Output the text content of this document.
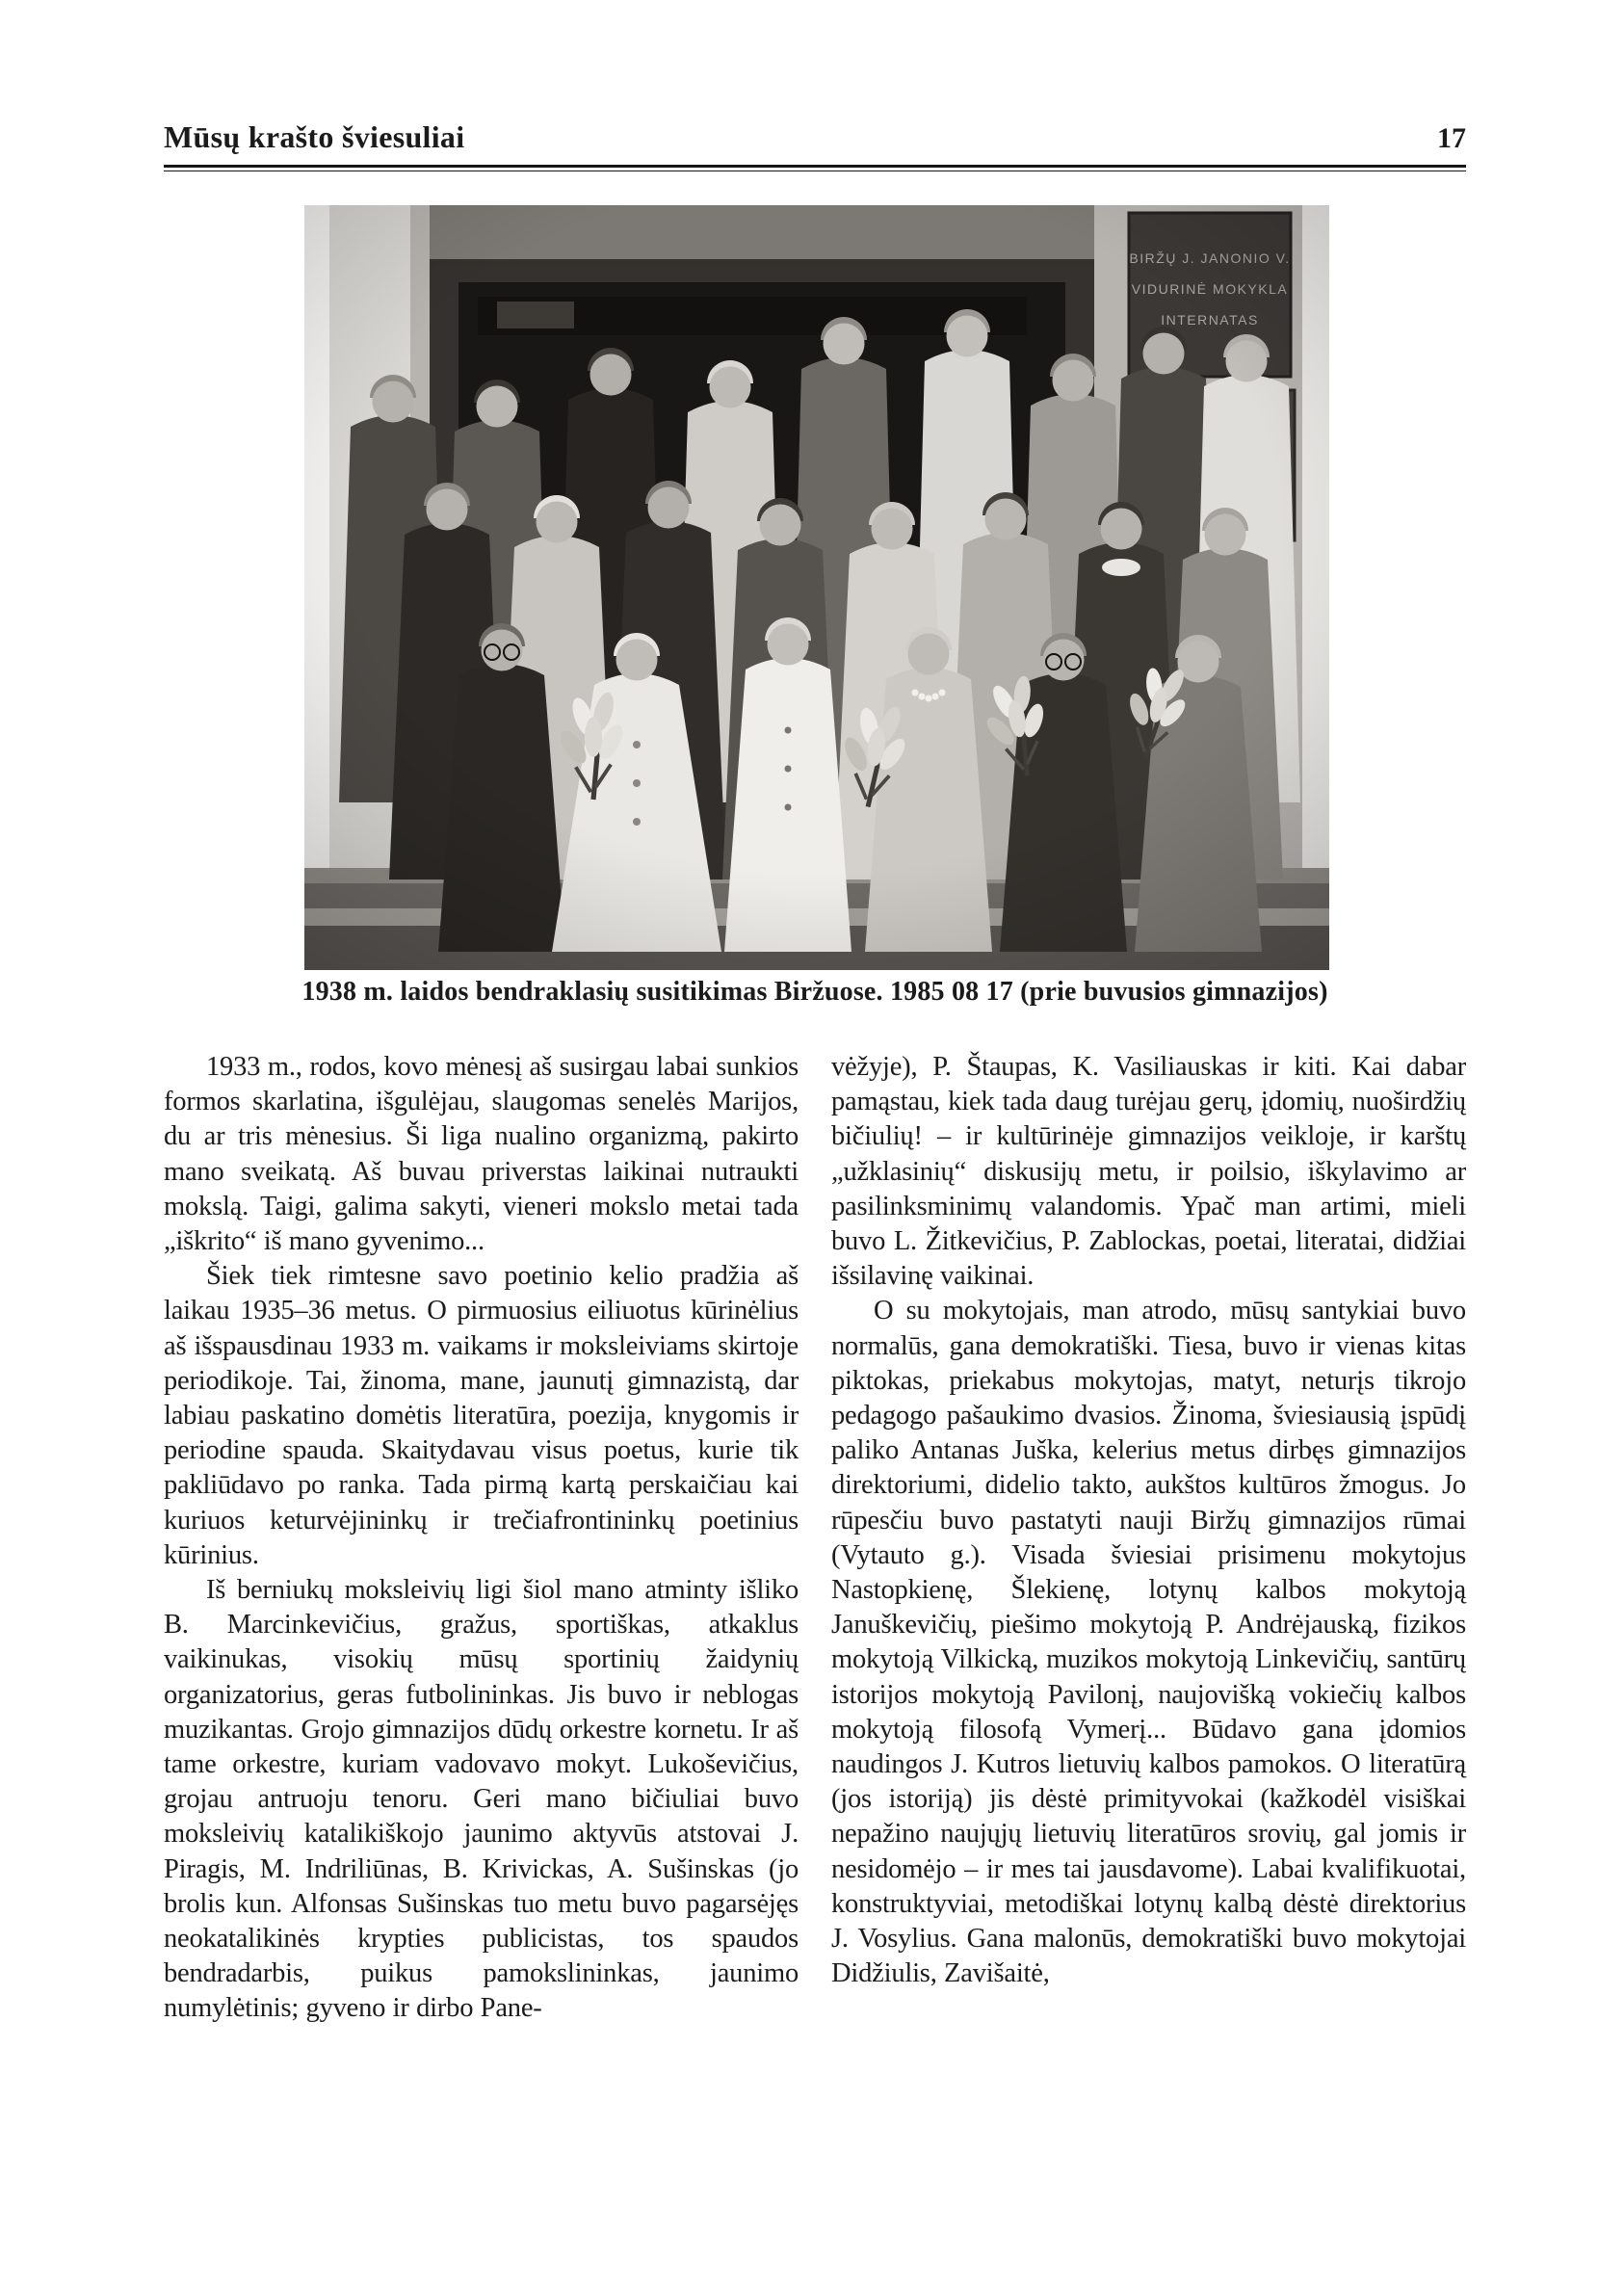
Mūsų krašto šviesuliai	17
1938 m. laidos bendraklasių susitikimas Biržuose. 1985 08 17 (prie buvusios gimnazijos)

1933 m., rodos, kovo mėnesį aš susirgau labai sunkios formos skarlatina, išgulėjau, slaugomas senelės Marijos, du ar tris mėnesius. Ši liga nualino organizmą, pakirto mano sveikatą. Aš buvau priverstas laikinai nutraukti mokslą. Taigi, galima sakyti, vieneri mokslo metai tada „iškrito“ iš mano gyvenimo...

Šiek tiek rimtesne savo poetinio kelio pradžia aš laikau 1935–36 metus. O pirmuosius eiliuotus kūrinėlius aš išspausdinau 1933 m. vaikams ir moksleiviams skirtoje periodikoje. Tai, žinoma, mane, jaunutį gimnazistą, dar labiau paskatino domėtis literatūra, poezija, knygomis ir periodine spauda. Skaitydavau visus poetus, kurie tik pakliūdavo po ranka. Tada pirmą kartą perskaičiau kai kuriuos keturvėjininkų ir trečiafrontininkų poetinius kūrinius.

Iš berniukų moksleivių ligi šiol mano atminty išliko B. Marcinkevičius, gražus, sportiškas, atkaklus vaikinukas, visokių mūsų sportinių žaidynių organizatorius, geras futbolininkas. Jis buvo ir neblogas muzikantas. Grojo gimnazijos dūdų orkestre kornetu. Ir aš tame orkestre, kuriam vadovavo mokyt. Lukoševičius, grojau antruoju tenoru. Geri mano bičiuliai buvo moksleivių katalikiškojo jaunimo aktyvūs atstovai J. Piragis, M. Indriliūnas, B. Krivickas, A. Sušinskas (jo brolis kun. Alfonsas Sušinskas tuo metu buvo pagarsėjęs neokatalikinės krypties publicistas, tos spaudos bendradarbis, puikus pamokslininkas, jaunimo numylėtinis; gyveno ir dirbo Pane-

vėžyje), P. Štaupas, K. Vasiliauskas ir kiti. Kai dabar pamąstau, kiek tada daug turėjau gerų, įdomių, nuoširdžių bičiulių! – ir kultūrinėje gimnazijos veikloje, ir karštų „užklasinių“ diskusijų metu, ir poilsio, iškylavimo ar pasilinksminimų valandomis. Ypač man artimi, mieli buvo L. Žitkevičius, P. Zablockas, poetai, literatai, didžiai išsilavinę vaikinai.

O su mokytojais, man atrodo, mūsų santykiai buvo normalūs, gana demokratiški. Tiesa, buvo ir vienas kitas piktokas, priekabus mokytojas, matyt, neturįs tikrojo pedagogo pašaukimo dvasios. Žinoma, šviesiausią įspūdį paliko Antanas Juška, kelerius metus dirbęs gimnazijos direktoriumi, didelio takto, aukštos kultūros žmogus. Jo rūpesčiu buvo pastatyti nauji Biržų gimnazijos rūmai (Vytauto g.). Visada šviesiai prisimenu mokytojus Nastopkienę, Šlekienę, lotynų kalbos mokytoją Januškevičių, piešimo mokytoją P. Andrėjauską, fizikos mokytoją Vilkicką, muzikos mokytoją Linkevičių, santūrų istorijos mokytoją Pavilonį, naujovišką vokiečių kalbos mokytoją filosofą Vymerį... Būdavo gana įdomios naudingos J. Kutros lietuvių kalbos pamokos. O literatūrą (jos istoriją) jis dėstė primityvokai (kažkodėl visiškai nepažino naujųjų lietuvių literatūros srovių, gal jomis ir nesidomėjo – ir mes tai jausdavome). Labai kvalifikuotai, konstruktyviai, metodiškai lotynų kalbą dėstė direktorius J. Vosylius. Gana malonūs, demokratiški buvo mokytojai Didžiulis, Zavišaitė,
